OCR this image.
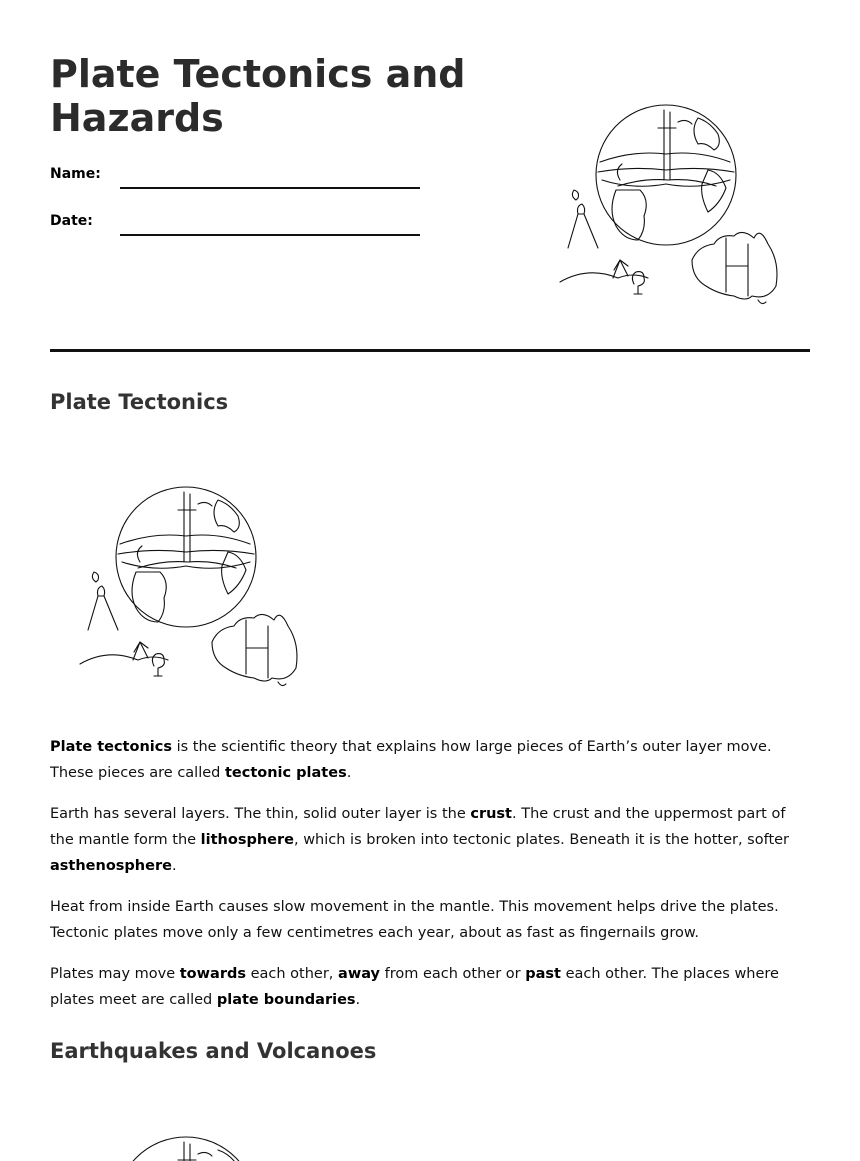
Plate Tectonics and
Hazards
Name:
Date:
Plate Tectonics

Plate tectonics is the scientific theory that explains how large pieces of Earth’s outer layer move. These pieces are called tectonic plates.

Earth has several layers. The thin, solid outer layer is the crust. The crust and the uppermost part of the mantle form the lithosphere, which is broken into tectonic plates. Beneath it is the hotter, softer asthenosphere.

Heat from inside Earth causes slow movement in the mantle. This movement helps drive the plates. Tectonic plates move only a few centimetres each year, about as fast as fingernails grow.

Plates may move towards each other, away from each other or past each other. The places where plates meet are called plate boundaries.

Earthquakes and Volcanoes
